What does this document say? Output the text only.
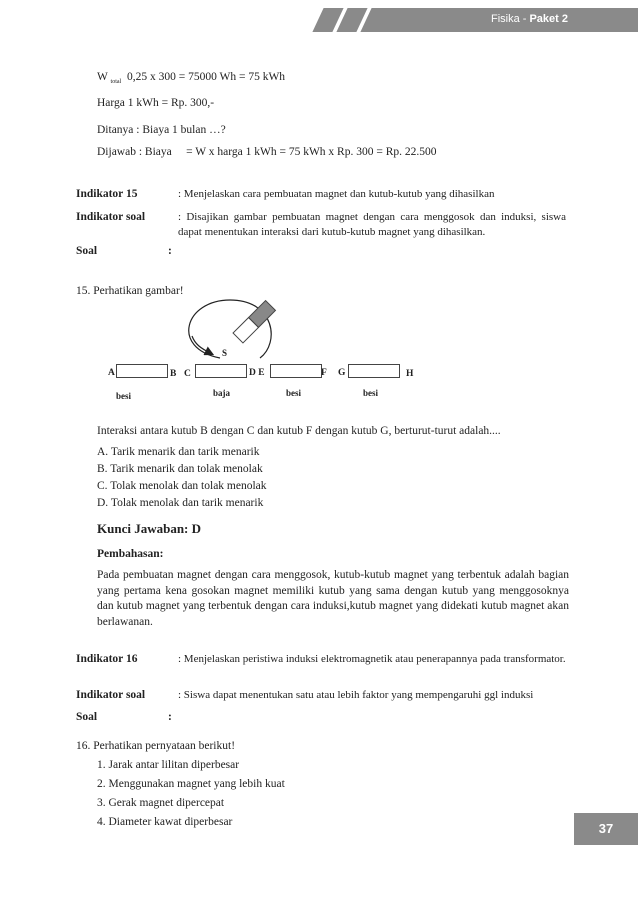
Fisika - Paket 2
W $_{total}$ 0,25 x 300 = 75000 Wh = 75 kWh
Harga 1 kWh = Rp. 300,-
Ditanya : Biaya 1 bulan …?
Dijawab : Biaya = W x harga 1 kWh = 75 kWh x Rp. 300 = Rp. 22.500
Indikator 15	: Menjelaskan cara pembuatan magnet dan kutub-kutub yang dihasilkan
Indikator soal	: Disajikan gambar pembuatan magnet dengan cara menggosok dan induksi, siswa dapat menentukan interaksi dari kutub-kutub magnet yang dihasilkan.
Soal	:
15. Perhatikan gambar!
S
A	B C	D E	F G	H
besi	baja	besi	besi
Interaksi antara kutub B dengan C dan kutub F dengan kutub G, berturut-turut adalah....
A. Tarik menarik dan tarik menarik
B. Tarik menarik dan tolak menolak
C. Tolak menolak dan tolak menolak
D. Tolak menolak dan tarik menarik
Kunci Jawaban: D
Pembahasan:
Pada pembuatan magnet dengan cara menggosok, kutub-kutub magnet yang terbentuk adalah bagian yang pertama kena gosokan magnet memiliki kutub yang sama dengan kutub yang menggosoknya dan kutub magnet yang terbentuk dengan cara induksi,kutub magnet yang didekati kutub magnet akan berlawanan.
Indikator 16	: Menjelaskan peristiwa induksi elektromagnetik atau penerapannya pada transformator.
Indikator soal	: Siswa dapat menentukan satu atau lebih faktor yang mempengaruhi ggl induksi
Soal	:
16. Perhatikan pernyataan berikut!
1. Jarak antar lilitan diperbesar
2. Menggunakan magnet yang lebih kuat
3. Gerak magnet dipercepat
4. Diameter kawat diperbesar	37
